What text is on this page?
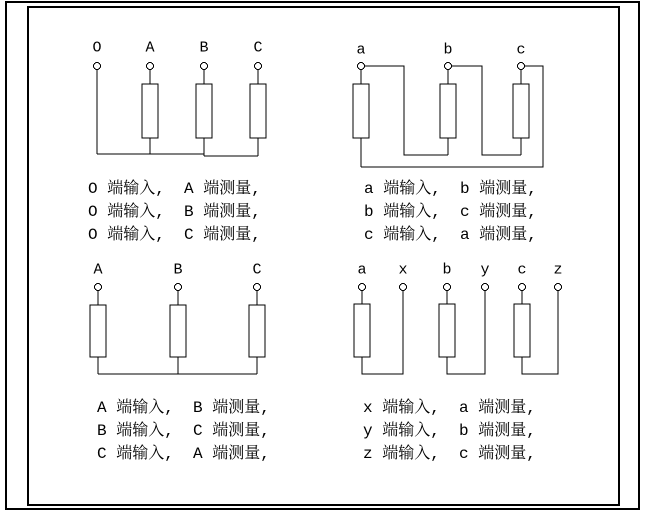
O	A	B	C	a	b	c
A	B	C	a x b y c z
O 端输入,  A 端测量,
O 端输入,  B 端测量,
O 端输入,  C 端测量,
a 端输入,  b 端测量,
b 端输入,  c 端测量,
c 端输入,  a 端测量,
A 端输入,  B 端测量,
B 端输入,  C 端测量,
C 端输入,  A 端测量,
x 端输入,  a 端测量,
y 端输入,  b 端测量,
z 端输入,  c 端测量,
